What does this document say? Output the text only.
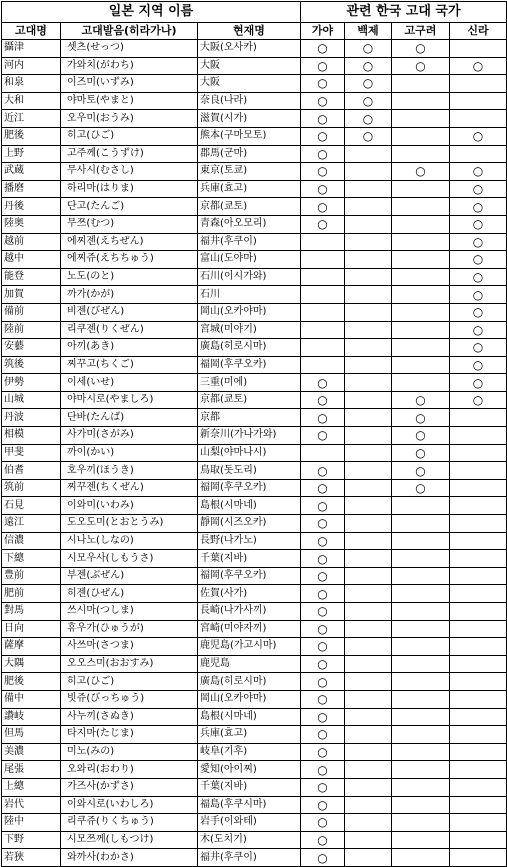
일본 지역 이름			관련 한국 고대 국가			
고대명	고대발음(히라가나)	현재명	가야	백제	고구려	신라
攝津	셋츠(せっつ)	大阪(오사카)	○	○	○	
河内	가와치(がわち)	大阪	○	○	○	○
和泉	이즈미(いずみ)	大阪	○	○		
大和	야마토(やまと)	奈良(나라)	○	○		
近江	오우미(おうみ)	滋賀(시가)	○	○		
肥後	히고(ひご)	熊本(구마모토)	○	○		○
上野	고주께(こうずけ)	郡馬(군마)	○			
武蔵	무사시(むさし)	東京(토쿄)	○		○	○
播磨	하리마(はりま)	兵庫(효고)	○			○
丹後	단고(たんご)	京都(쿄토)	○			○
陸奥	무쯔(むつ)	青森(아오모리)	○			○
越前	에찌젠(えちぜん)	福井(후쿠이)				○
越中	에찌쥬(えちちゅう)	富山(도야마)				○
能登	노도(のと)	石川(이시가와)				○
加賀	까가(かが)	石川				○
備前	비젠(びぜん)	岡山(오카야마)				○
陸前	리쿠젠(りくぜん)	宮城(미야기)				○
安藝	아끼(あき)	廣島(히로시마)				○
筑後	찌꾸고(ちくご)	福岡(후쿠오카)				○
伊勢	이세(いせ)	三重(미에)	○			○
山城	야마시로(やましろ)	京都(쿄토)	○		○	○
丹波	단바(たんば)	京都	○		○	
相模	사가미(さがみ)	新奈川(가나가와)	○		○	
甲斐	까이(かい)	山梨(야마나시)			○	
伯耆	호우끼(ほうき)	鳥取(돗도리)	○		○	
筑前	찌꾸젠(ちくぜん)	福岡(후쿠오카)	○		○	
石見	이와미(いわみ)	島根(시마네)	○			
遠江	도오도미(とおとうみ)	靜岡(시즈오카)	○			
信濃	시나노(しなの)	長野(나가노)	○			
下總	시모우사(しもうさ)	千葉(지바)	○			
豊前	부젠(ぶぜん)	福岡(후쿠오카)	○			
肥前	히젠(ひぜん)	佐賀(사가)	○			
對馬	쓰시마(つしま)	長崎(나가사끼)	○			
日向	휴우가(ひゅうが)	宮崎(미야자끼)	○			
薩摩	사쓰마(さつま)	鹿児島(가고시마)	○			
大隅	오오스미(おおすみ)	鹿児島	○			
肥後	히고(ひご)	廣島(히로시마)	○			
備中	빗쥬(びっちゅう)	岡山(오카야마)	○			
讚岐	사누끼(さぬき)	島根(시마네)	○			
但馬	타지마(たじま)	兵庫(효고)	○			
美濃	미노(みの)	岐阜(기후)	○			
尾張	오와리(おわり)	愛知(아이찌)	○			
上總	가즈사(かずさ)	千葉(지바)	○			
岩代	이와시로(いわしろ)	福島(후쿠시마)	○			
陸中	리쿠쥬(りくちゅう)	岩手(이와테)	○			
下野	시모쯔께(しもつけ)	木(도치기)	○			
若狹	와까사(わかさ)	福井(후쿠이)	○			
